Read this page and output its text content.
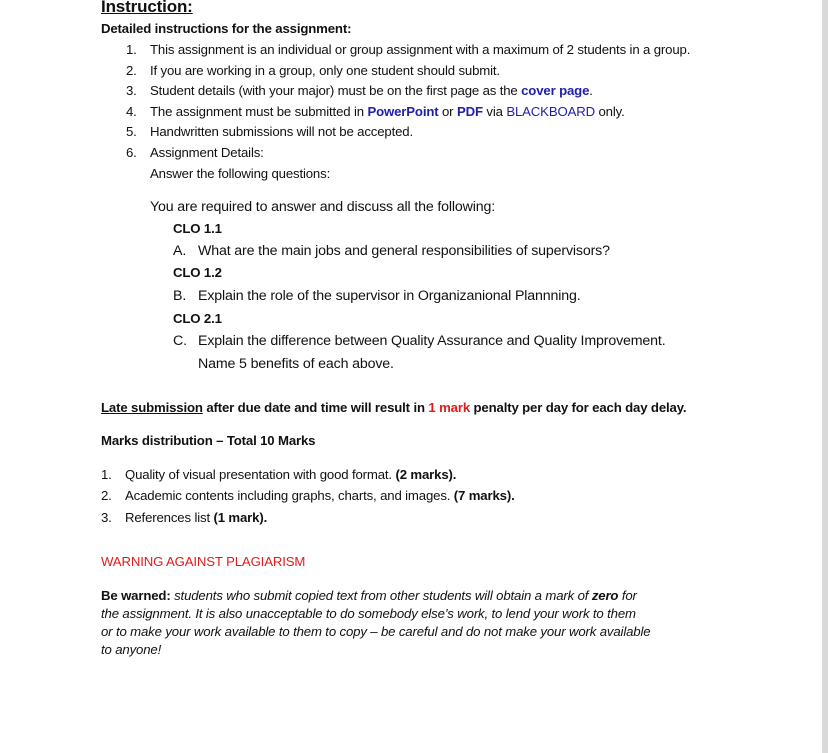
Instruction:
Detailed instructions for the assignment:
1. This assignment is an individual or group assignment with a maximum of 2 students in a group.
2. If you are working in a group, only one student should submit.
3. Student details (with your major) must be on the first page as the cover page.
4. The assignment must be submitted in PowerPoint or PDF via BLACKBOARD only.
5. Handwritten submissions will not be accepted.
6. Assignment Details:
Answer the following questions:
You are required to answer and discuss all the following:
CLO 1.1
A. What are the main jobs and general responsibilities of supervisors?
CLO 1.2
B. Explain the role of the supervisor in Organizanional Plannning.
CLO 2.1
C. Explain the difference between Quality Assurance and Quality Improvement.
Name 5 benefits of each above.
Late submission after due date and time will result in 1 mark penalty per day for each day delay.
Marks distribution – Total 10 Marks
1. Quality of visual presentation with good format. (2 marks).
2. Academic contents including graphs, charts, and images. (7 marks).
3. References list (1 mark).
WARNING AGAINST PLAGIARISM
Be warned: students who submit copied text from other students will obtain a mark of zero for
the assignment. It is also unacceptable to do somebody else’s work, to lend your work to them
or to make your work available to them to copy – be careful and do not make your work available
to anyone!
